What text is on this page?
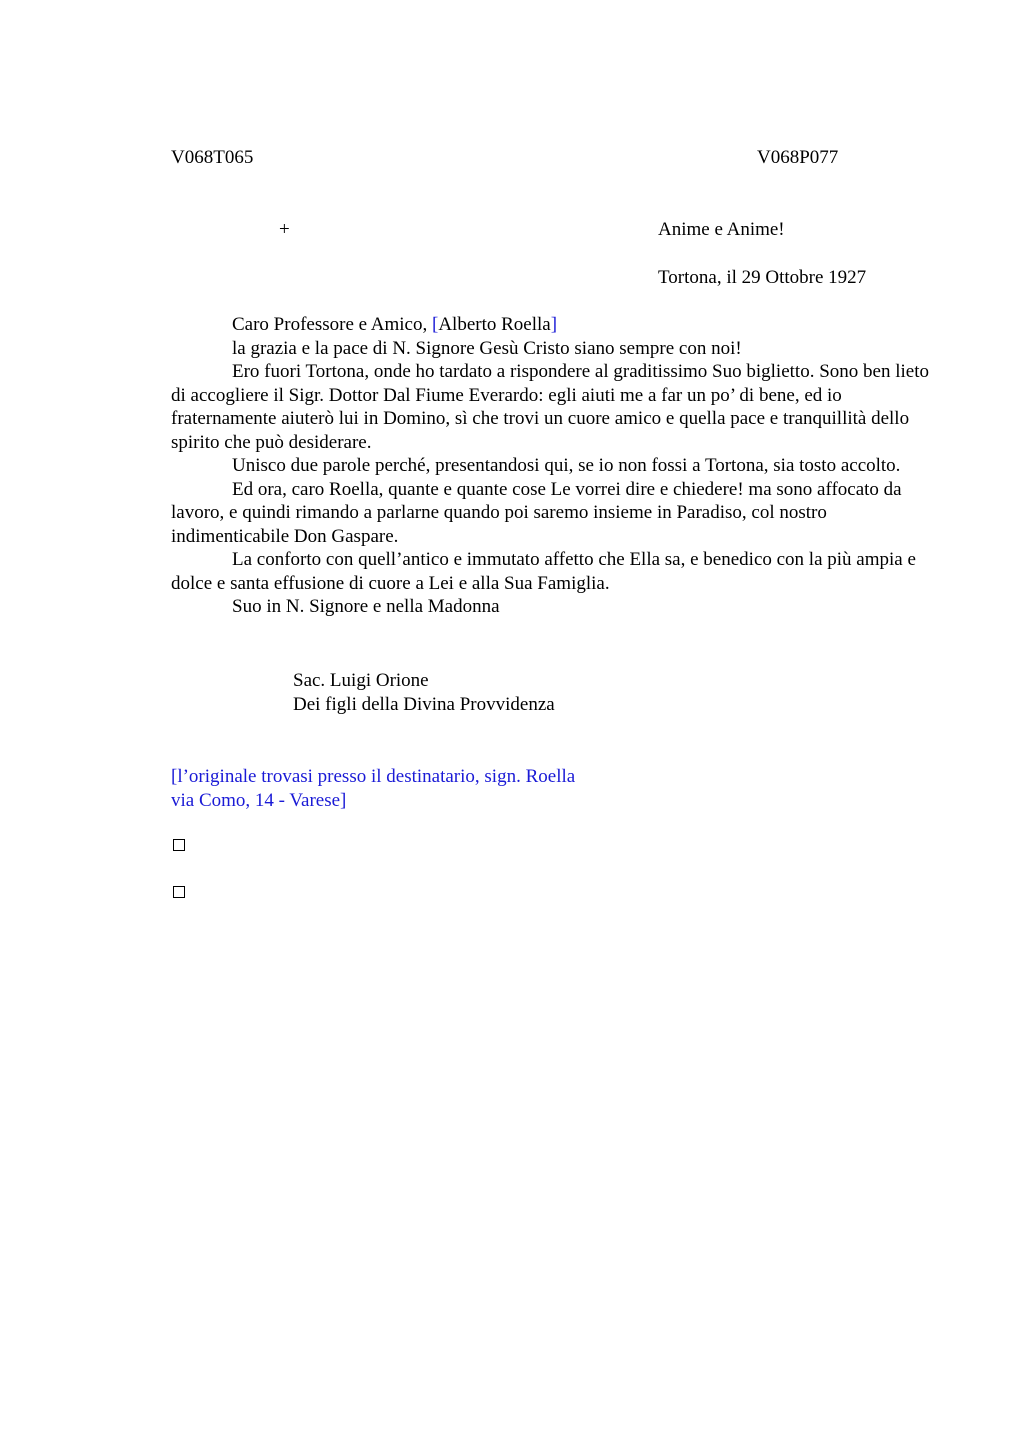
V068T065	V068P077
+	Anime e Anime!
Tortona, il 29 Ottobre 1927

Caro Professore e Amico, [Alberto Roella]

la grazia e la pace di N. Signore Gesù Cristo siano sempre con noi!

Ero fuori Tortona, onde ho tardato a rispondere al graditissimo Suo biglietto. Sono ben lieto di accogliere il Sigr. Dottor Dal Fiume Everardo: egli aiuti me a far un po’ di bene, ed io fraternamente aiuterò lui in Domino, sì che trovi un cuore amico e quella pace e tranquillità dello spirito che può desiderare.

Unisco due parole perché, presentandosi qui, se io non fossi a Tortona, sia tosto accolto.

Ed ora, caro Roella, quante e quante cose Le vorrei dire e chiedere! ma sono affocato da lavoro, e quindi rimando a parlarne quando poi saremo insieme in Paradiso, col nostro indimenticabile Don Gaspare.

La conforto con quell’antico e immutato affetto che Ella sa, e benedico con la più ampia e dolce e santa effusione di cuore a Lei e alla Sua Famiglia.

Suo in N. Signore e nella Madonna

Sac. Luigi Orione
Dei figli della Divina Provvidenza
[l’originale trovasi presso il destinatario, sign. Roella
via Como, 14 - Varese]
